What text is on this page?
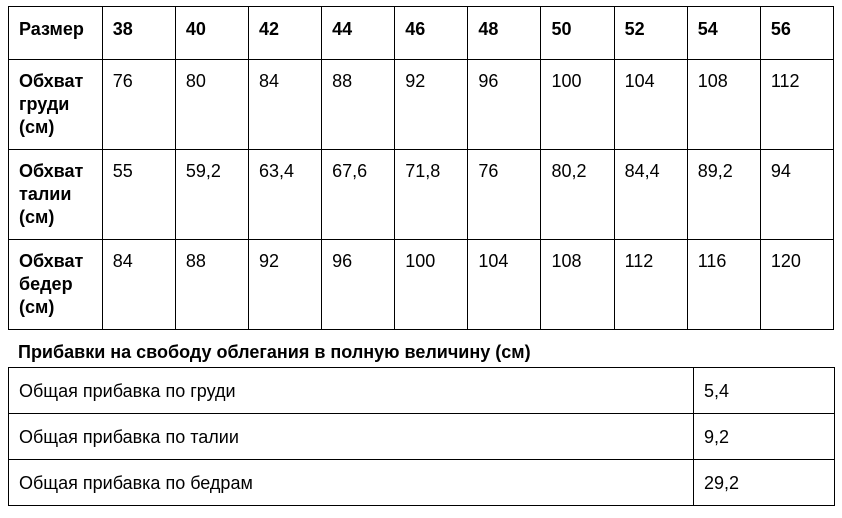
Размер	38	40	42	44	46	48	50	52	54	56

Обхват
груди
(см)	76	80	84	88	92	96	100	104	108	112

Обхват
талии
(см)	55	59,2	63,4	67,6	71,8	76	80,2	84,4	89,2	94

Обхват
бедер
(см)	84	88	92	96	100	104	108	112	116	120
Прибавки на свободу облегания в полную величину (см)
Общая прибавка по груди	5,4
Общая прибавка по талии	9,2
Общая прибавка по бедрам	29,2
